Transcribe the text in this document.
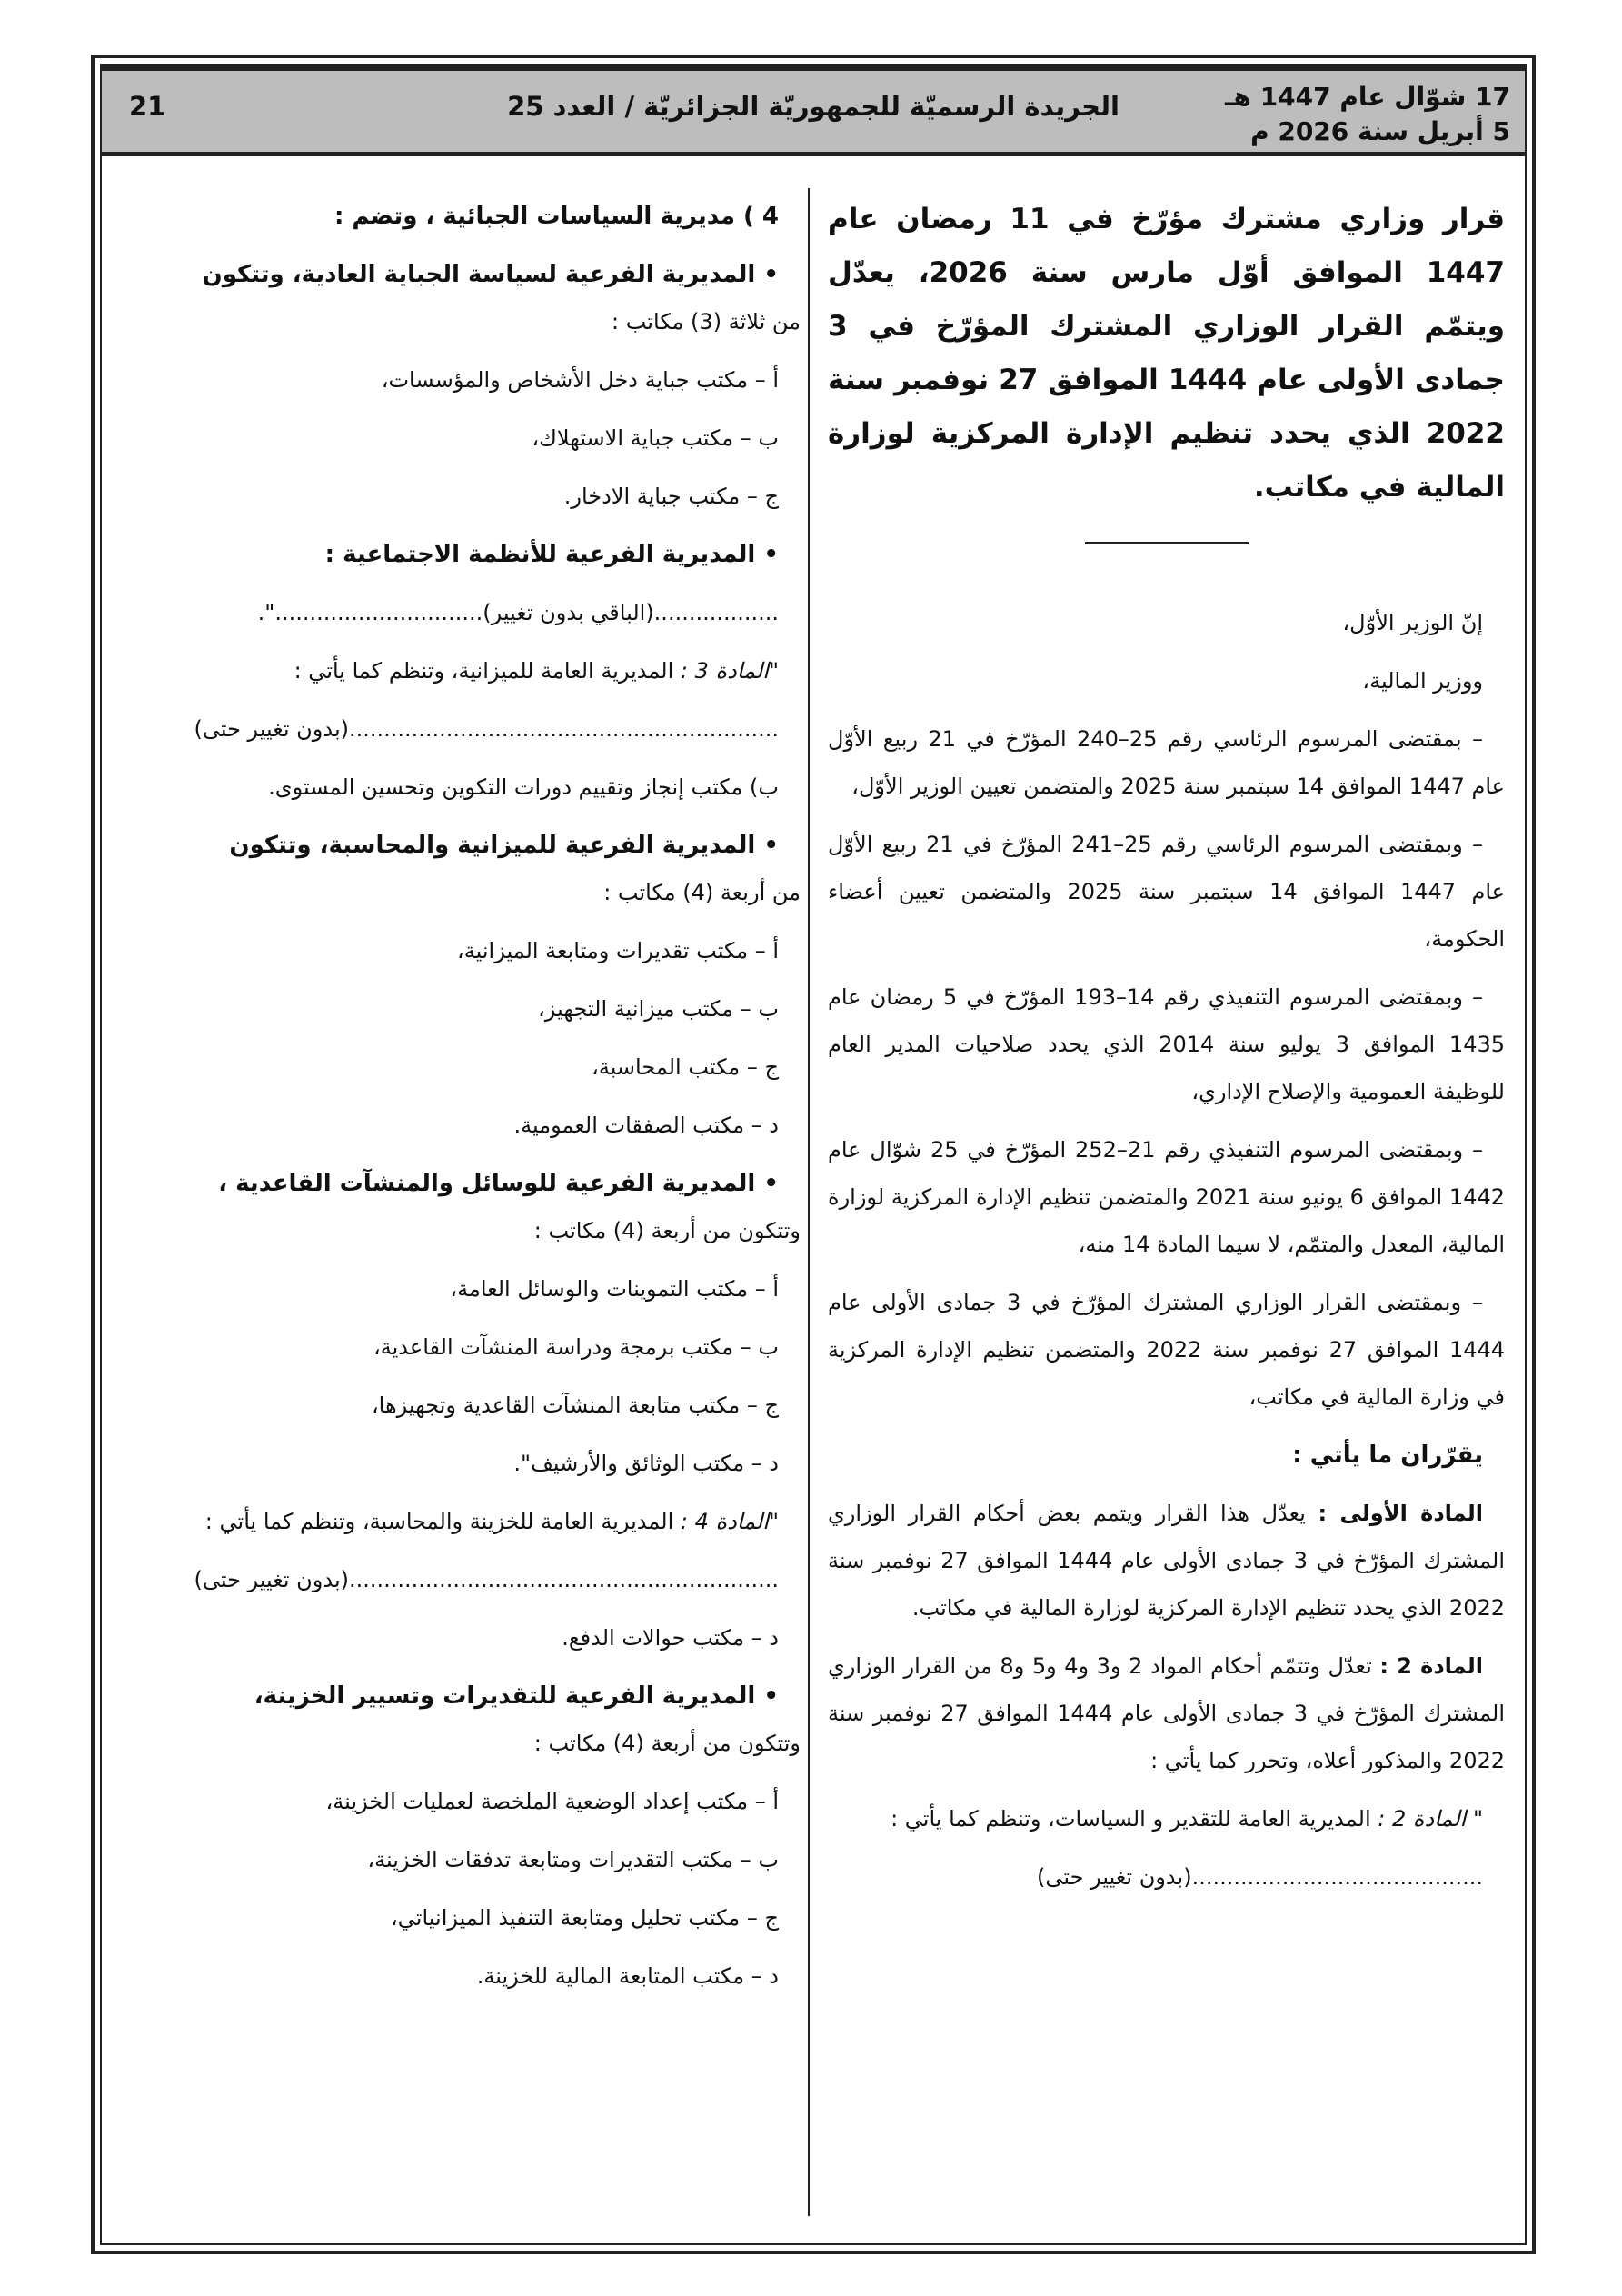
17 شوّال عام 1447 هـ
5 أبريل سنة 2026 م
الجريدة الرسميّة للجمهوريّة الجزائريّة / العدد 25
21
قرار وزاري مشترك مؤرّخ في 11 رمضان عام 1447 الموافق أوّل مارس سنة 2026، يعدّل ويتمّم القرار الوزاري المشترك المؤرّخ في 3 جمادى الأولى عام 1444 الموافق 27 نوفمبر سنة 2022 الذي يحدد تنظيم الإدارة المركزية لوزارة المالية في مكاتب.
إنّ الوزير الأوّل،
ووزير المالية،
– بمقتضى المرسوم الرئاسي رقم 25–240 المؤرّخ في 21 ربيع الأوّل عام 1447 الموافق 14 سبتمبر سنة 2025 والمتضمن تعيين الوزير الأوّل،
– وبمقتضى المرسوم الرئاسي رقم 25–241 المؤرّخ في 21 ربيع الأوّل عام 1447 الموافق 14 سبتمبر سنة 2025 والمتضمن تعيين أعضاء الحكومة،
– وبمقتضى المرسوم التنفيذي رقم 14–193 المؤرّخ في 5 رمضان عام 1435 الموافق 3 يوليو سنة 2014 الذي يحدد صلاحيات المدير العام للوظيفة العمومية والإصلاح الإداري،
– وبمقتضى المرسوم التنفيذي رقم 21–252 المؤرّخ في 25 شوّال عام 1442 الموافق 6 يونيو سنة 2021 والمتضمن تنظيم الإدارة المركزية لوزارة المالية، المعدل والمتمّم، لا سيما المادة 14 منه،
– وبمقتضى القرار الوزاري المشترك المؤرّخ في 3 جمادى الأولى عام 1444 الموافق 27 نوفمبر سنة 2022 والمتضمن تنظيم الإدارة المركزية في وزارة المالية في مكاتب،
يقرّران ما يأتي :
المادة الأولى : يعدّل هذا القرار ويتمم بعض أحكام القرار الوزاري المشترك المؤرّخ في 3 جمادى الأولى عام 1444 الموافق 27 نوفمبر سنة 2022 الذي يحدد تنظيم الإدارة المركزية لوزارة المالية في مكاتب.
المادة 2 : تعدّل وتتمّم أحكام المواد 2 و3 و4 و5 و8 من القرار الوزاري المشترك المؤرّخ في 3 جمادى الأولى عام 1444 الموافق 27 نوفمبر سنة 2022 والمذكور أعلاه، وتحرر كما يأتي :
" المادة 2 : المديرية العامة للتقدير و السياسات، وتنظم كما يأتي :
..........................................(بدون تغيير حتى)
4 ) مديرية السياسات الجبائية ، وتضم :
• المديرية الفرعية لسياسة الجباية العادية، وتتكون
من ثلاثة (3) مكاتب :
أ – مكتب جباية دخل الأشخاص والمؤسسات،
ب – مكتب جباية الاستهلاك،
ج – مكتب جباية الادخار.
• المديرية الفرعية للأنظمة الاجتماعية :
..................(الباقي بدون تغيير)..............................".
"المادة 3 : المديرية العامة للميزانية، وتنظم كما يأتي :
..............................................................(بدون تغيير حتى)
ب) مكتب إنجاز وتقييم دورات التكوين وتحسين المستوى.
• المديرية الفرعية للميزانية والمحاسبة، وتتكون
من أربعة (4) مكاتب :
أ – مكتب تقديرات ومتابعة الميزانية،
ب – مكتب ميزانية التجهيز،
ج – مكتب المحاسبة،
د – مكتب الصفقات العمومية.
• المديرية الفرعية للوسائل والمنشآت القاعدية ،
وتتكون من أربعة (4) مكاتب :
أ – مكتب التموينات والوسائل العامة،
ب – مكتب برمجة ودراسة المنشآت القاعدية،
ج – مكتب متابعة المنشآت القاعدية وتجهيزها،
د – مكتب الوثائق والأرشيف".
"المادة 4 : المديرية العامة للخزينة والمحاسبة، وتنظم كما يأتي :
..............................................................(بدون تغيير حتى)
د – مكتب حوالات الدفع.
• المديرية الفرعية للتقديرات وتسيير الخزينة،
وتتكون من أربعة (4) مكاتب :
أ – مكتب إعداد الوضعية الملخصة لعمليات الخزينة،
ب – مكتب التقديرات ومتابعة تدفقات الخزينة،
ج – مكتب تحليل ومتابعة التنفيذ الميزانياتي،
د – مكتب المتابعة المالية للخزينة.
